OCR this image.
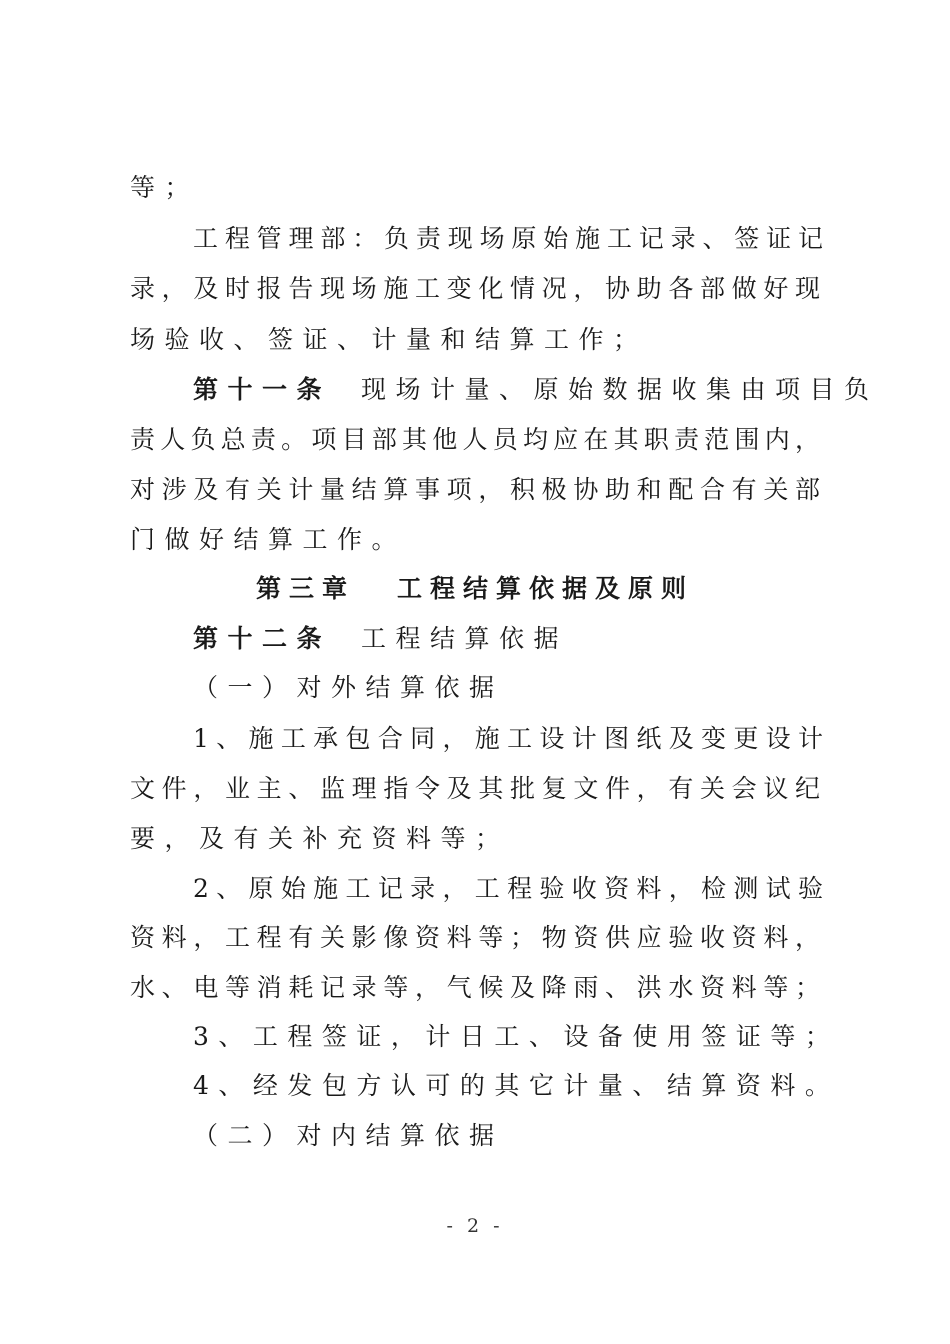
等；
工程管理部：负责现场原始施工记录、签证记
录，及时报告现场施工变化情况，协助各部做好现
场验收、签证、计量和结算工作；
第十一条 现场计量、原始数据收集由项目负
责人负总责。项目部其他人员均应在其职责范围内，
对涉及有关计量结算事项，积极协助和配合有关部
门做好结算工作。
第三章 工程结算依据及原则
第十二条 工程结算依据
（一）对外结算依据
1、施工承包合同，施工设计图纸及变更设计
文件，业主、监理指令及其批复文件，有关会议纪
要，及有关补充资料等；
2、原始施工记录，工程验收资料，检测试验
资料，工程有关影像资料等；物资供应验收资料，
水、电等消耗记录等，气候及降雨、洪水资料等；
3、工程签证，计日工、设备使用签证等；
4、经发包方认可的其它计量、结算资料。
（二）对内结算依据
- 2 -
